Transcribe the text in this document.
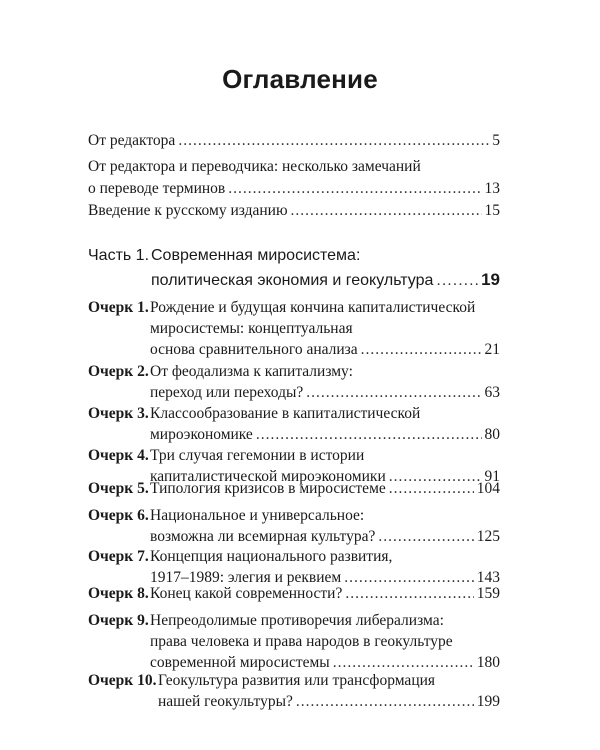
Оглавление
От редактора .....	5
От редактора и переводчика: несколько замечаний
о переводе терминов .....	13
Введение к русскому изданию .....	15
Часть 1. Современная миросистема:
политическая экономия и геокультура .....	19
Очерк 1. Рождение и будущая кончина капиталистической
миросистемы: концептуальная
основа сравнительного анализа .....	21
Очерк 2. От феодализма к капитализму:
переход или переходы? .....	63
Очерк 3. Классообразование в капиталистической
мироэкономике .....	80
Очерк 4. Три случая гегемонии в истории
капиталистической мироэкономики .....	91
Очерк 5. Типология кризисов в миросистеме .....	104
Очерк 6. Национальное и универсальное:
возможна ли всемирная культура? .....	125
Очерк 7. Концепция национального развития,
1917–1989: элегия и реквием .....	143
Очерк 8. Конец какой современности? .....	159
Очерк 9. Непреодолимые противоречия либерализма:
права человека и права народов в геокультуре
современной миросистемы .....	180
Очерк 10. Геокультура развития или трансформация
нашей геокультуры? .....	199
